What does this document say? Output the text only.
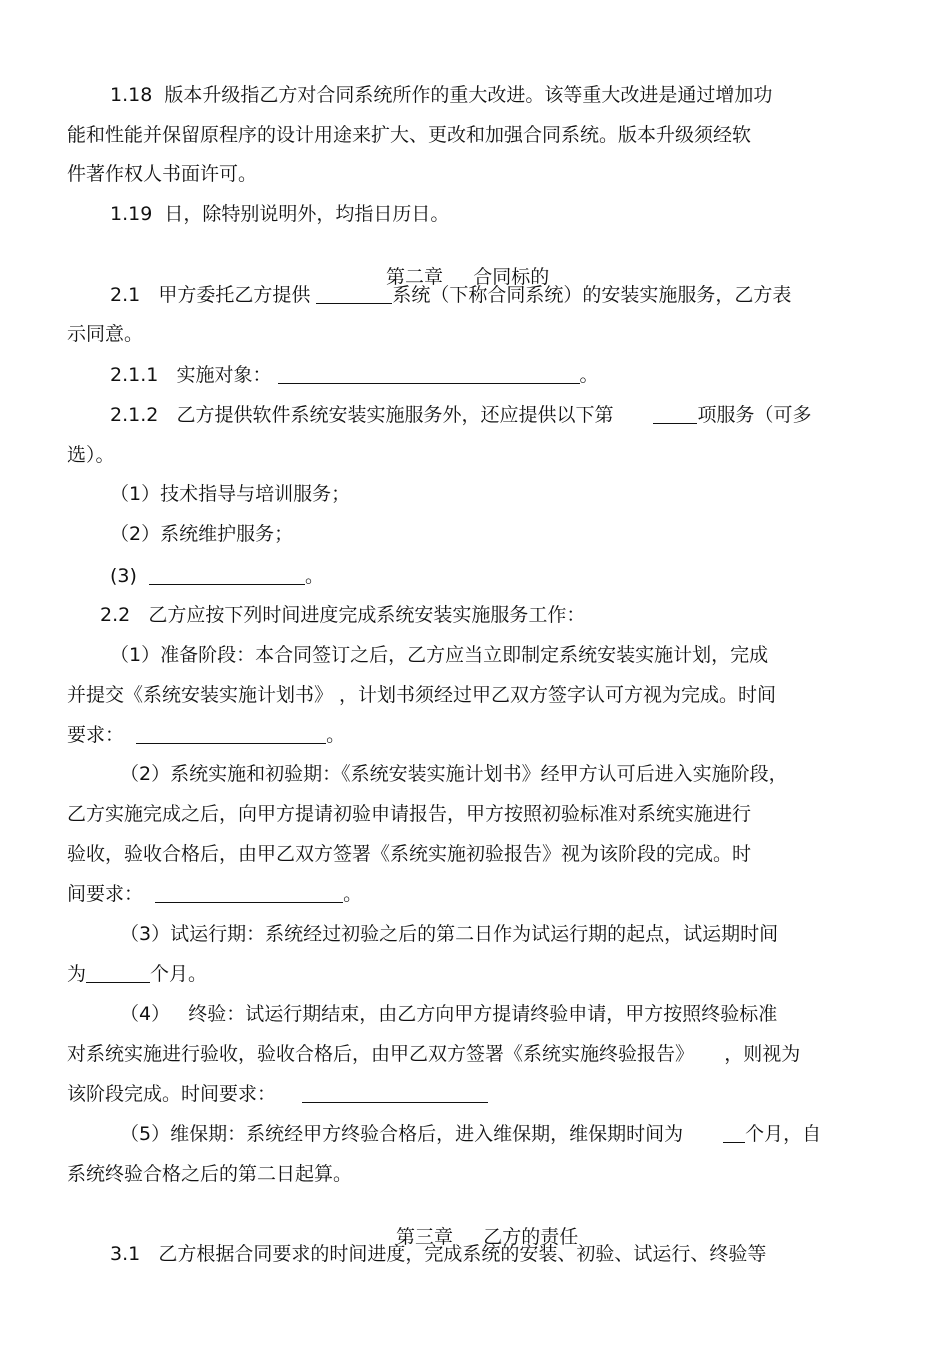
1.18  版本升级指乙方对合同系统所作的重大改进。该等重大改进是通过增加功
能和性能并保留原程序的设计用途来扩大、更改和加强合同系统。版本升级须经软
件著作权人书面许可。
1.19  日，除特别说明外，均指日历日。

第二章     合同标的

2.1   甲方委托乙方提供	系统（下称合同系统）的安装实施服务，乙方表
示同意。
2.1.1   实施对象：	。
2.1.2   乙方提供软件系统安装实施服务外，还应提供以下第	项服务（可多
选）。
（1）技术指导与培训服务；
（2）系统维护服务；
(3)	。
2.2   乙方应按下列时间进度完成系统安装实施服务工作：
（1）准备阶段：本合同签订之后，乙方应当立即制定系统安装实施计划，完成
并提交《系统安装实施计划书》 ，计划书须经过甲乙双方签字认可方视为完成。时间
要求：	。
（2）系统实施和初验期：《系统安装实施计划书》经甲方认可后进入实施阶段，
乙方实施完成之后，向甲方提请初验申请报告，甲方按照初验标准对系统实施进行
验收，验收合格后，由甲乙双方签署《系统实施初验报告》视为该阶段的完成。时
间要求：	。
（3）试运行期：系统经过初验之后的第二日作为试运行期的起点，试运期时间
为	个月。
（4）   终验：试运行期结束，由乙方向甲方提请终验申请，甲方按照终验标准
对系统实施进行验收，验收合格后，由甲乙双方签署《系统实施终验报告》     ，则视为
该阶段完成。时间要求：
（5）维保期：系统经甲方终验合格后，进入维保期，维保期时间为	个月，自
系统终验合格之后的第二日起算。

第三章     乙方的责任

3.1   乙方根据合同要求的时间进度，完成系统的安装、初验、试运行、终验等
